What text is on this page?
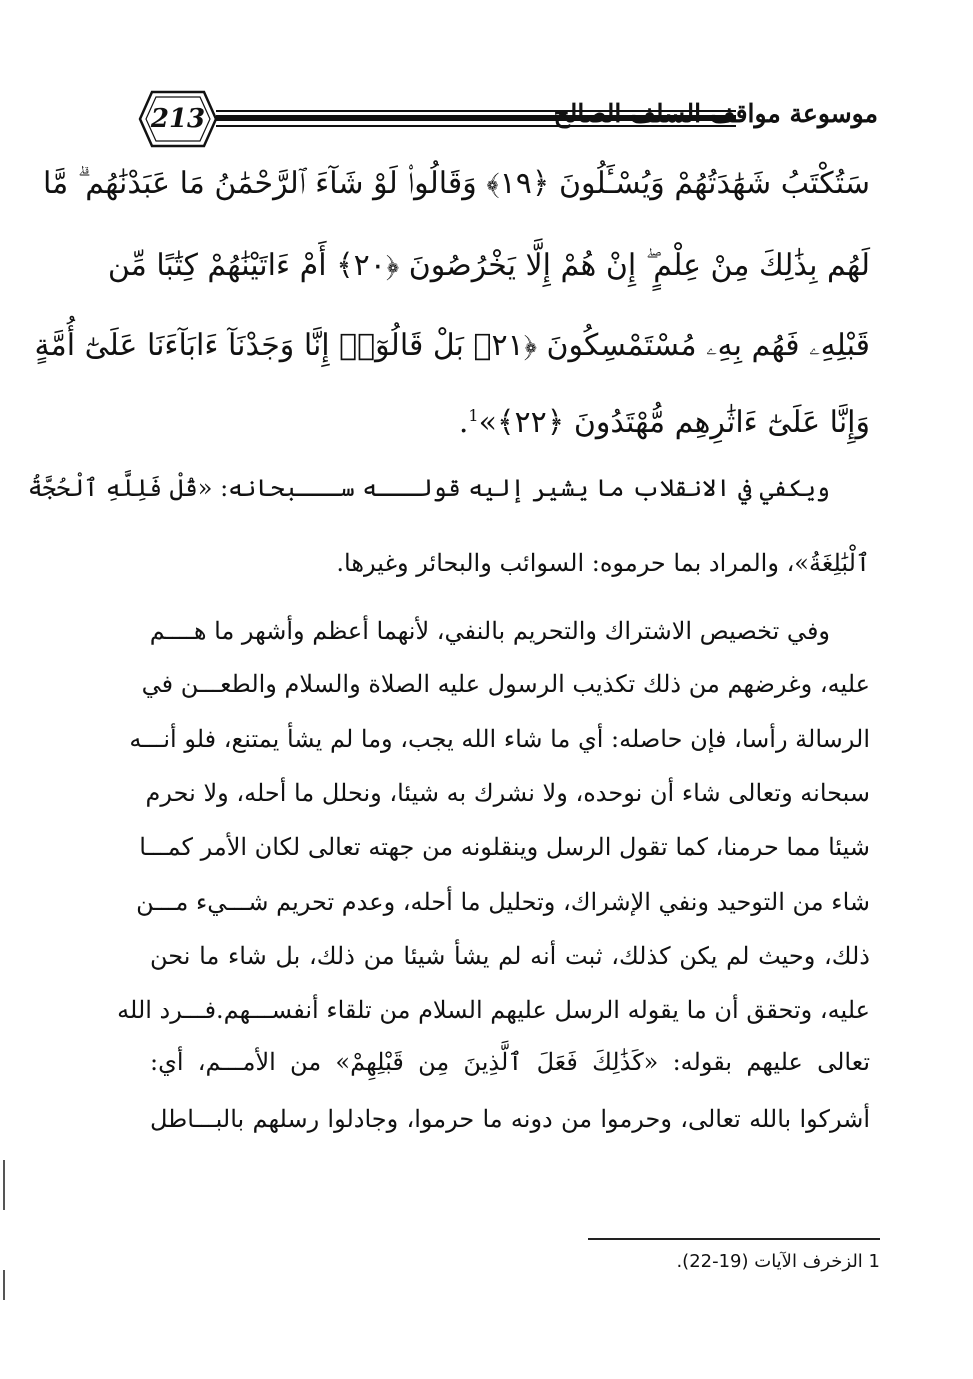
213	موسوعة مواقف السلف الصالح
سَتُكْتَبُ شَهَٰدَتُهُمْ وَيُسْـَٔلُونَ ﴿١٩﴾ وَقَالُوا۟ لَوْ شَآءَ ٱلرَّحْمَٰنُ مَا عَبَدْنَٰهُم ۗ مَّا
لَهُم بِذَٰلِكَ مِنْ عِلْمٍ ۖ إِنْ هُمْ إِلَّا يَخْرُصُونَ ﴿٢٠﴾ أَمْ ءَاتَيْنَٰهُمْ كِتَٰبًا مِّن
قَبْلِهِۦ فَهُم بِهِۦ مُسْتَمْسِكُونَ ﴿٢١﴾ بَلْ قَالُوٓا۟ إِنَّا وَجَدْنَآ ءَابَآءَنَا عَلَىٰٓ أُمَّةٍ
وَإِنَّا عَلَىٰٓ ءَاثَٰرِهِم مُّهْتَدُونَ ﴿٢٢﴾»$^1$.
ويكفي في الانقلاب ما يشير إليه قولـــه ســـبحانه: «قُلْ فَلِلَّهِ ٱلْحُجَّةُ
ٱلْبَٰلِغَةُ»، والمراد بما حرموه: السوائب والبحائر وغيرها.
وفي تخصيص الاشتراك والتحريم بالنفي، لأنهما أعظم وأشهر ما هــــم
عليه، وغرضهم من ذلك تكذيب الرسول عليه الصلاة والسلام والطعـــن في
الرسالة رأسا، فإن حاصله: أي ما شاء الله يجب، وما لم يشأ يمتنع، فلو أنـــه
سبحانه وتعالى شاء أن نوحده، ولا نشرك به شيئا، ونحلل ما أحله، ولا نحرم
شيئا مما حرمنا، كما تقول الرسل وينقلونه من جهته تعالى لكان الأمر كمـــا
شاء من التوحيد ونفي الإشراك، وتحليل ما أحله، وعدم تحريم شـــيء مـــن
ذلك، وحيث لم يكن كذلك، ثبت أنه لم يشأ شيئا من ذلك، بل شاء ما نحن
عليه، وتحقق أن ما يقوله الرسل عليهم السلام من تلقاء أنفســـهم.فـــرد الله
تعالى عليهم بقوله: «كَذَٰلِكَ فَعَلَ ٱلَّذِينَ مِن قَبْلِهِمْ» من الأمـــم، أي:
أشركوا بالله تعالى، وحرموا من دونه ما حرموا، وجادلوا رسلهم بالبـــاطل
1 الزخرف الآيات (19-22).
